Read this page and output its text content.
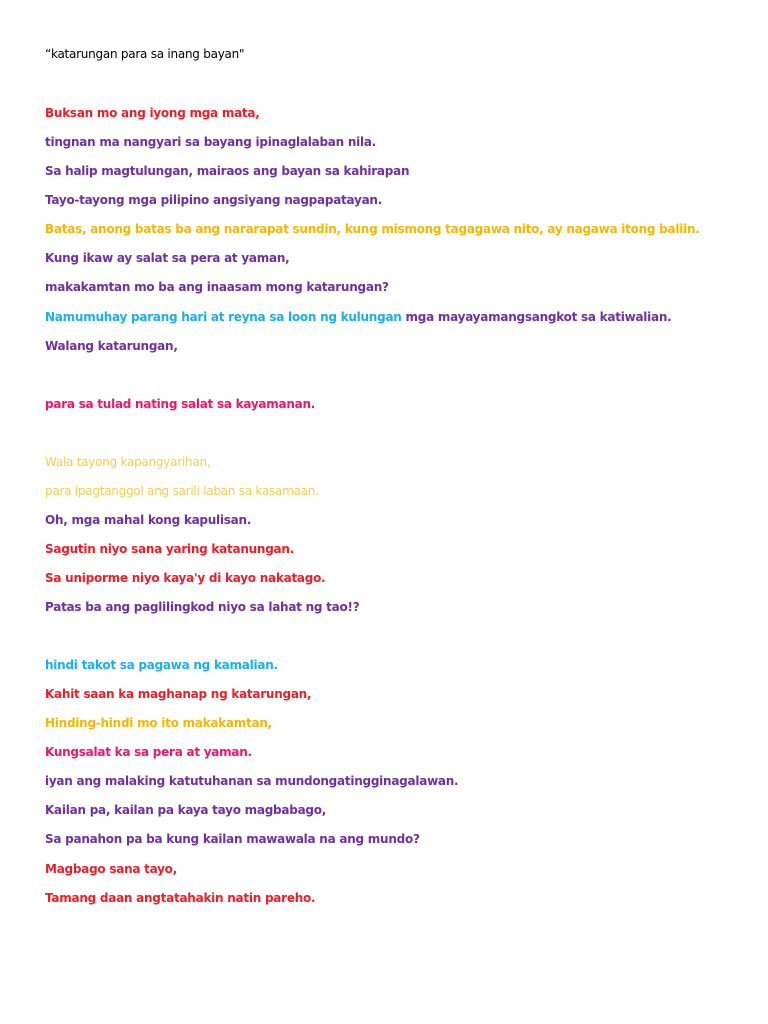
“katarungan para sa inang bayan"
Buksan mo ang iyong mga mata,
tingnan ma nangyari sa bayang ipinaglalaban nila.
Sa halip magtulungan, mairaos ang bayan sa kahirapan
Tayo-tayong mga pilipino angsiyang nagpapatayan.
Batas, anong batas ba ang nararapat sundin, kung mismong tagagawa nito, ay nagawa itong baliin.
Kung ikaw ay salat sa pera at yaman,
makakamtan mo ba ang inaasam mong katarungan?
Namumuhay parang hari at reyna sa loon ng kulungan mga mayayamangsangkot sa katiwalian.
Walang katarungan,
para sa tulad nating salat sa kayamanan.
Wala tayong kapangyarihan,
para ipagtanggol ang sarili laban sa kasamaan.
Oh, mga mahal kong kapulisan.
Sagutin niyo sana yaring katanungan.
Sa uniporme niyo kaya'y di kayo nakatago.
Patas ba ang paglilingkod niyo sa lahat ng tao!?
hindi takot sa pagawa ng kamalian.
Kahit saan ka maghanap ng katarungan,
Hinding-hindi mo ito makakamtan,
Kungsalat ka sa pera at yaman.
iyan ang malaking katutuhanan sa mundongatingginagalawan.
Kailan pa, kailan pa kaya tayo magbabago,
Sa panahon pa ba kung kailan mawawala na ang mundo?
Magbago sana tayo,
Tamang daan angtatahakin natin pareho.
